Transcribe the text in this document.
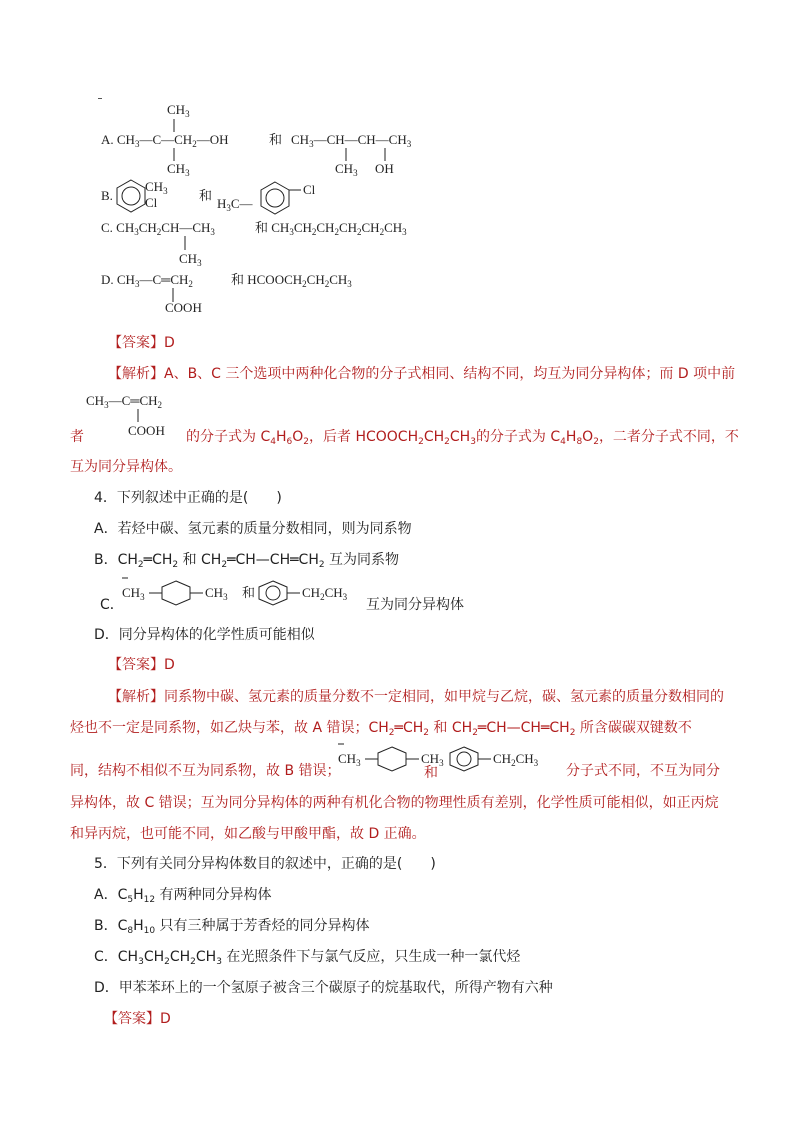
A. $CH_3—C—CH_2—OH$
$CH_3$
$CH_3$
和 $CH_3—CH—CH—CH_3$
$CH_3$ OH
B.
$CH_3$
Cl	和 $H_3C—$
Cl
C. $CH_3CH_2CH—CH_3$
$CH_3$
和 $CH_3CH_2CH_2CH_2CH_2CH_3$
D. $CH_3—C═CH_2$
COOH
和 $HCOOCH_2CH_2CH_3$
【答案】D
【解析】A、B、C 三个选项中两种化合物的分子式相同、结构不同，均互为同分异构体；而 D 项中前
$CH_3—C═CH_2$
COOH
者	的分子式为 $C_4H_6O_2$，后者 $HCOOCH_2CH_2CH_3$的分子式为 $C_4H_8O_2$，二者分子式不同，不
互为同分异构体。
4．下列叙述中正确的是(　　)
A．若烃中碳、氢元素的质量分数相同，则为同系物
B．$CH_2═CH_2$ 和 $CH_2═CH—CH═CH_2$ 互为同系物
C．
$CH_3$	$CH_3$ 和	$CH_2CH_3$ 互为同分异构体
D．同分异构体的化学性质可能相似
【答案】D
【解析】同系物中碳、氢元素的质量分数不一定相同，如甲烷与乙烷，碳、氢元素的质量分数相同的
烃也不一定是同系物，如乙炔与苯，故 A 错误；$CH_2═CH_2$ 和 $CH_2═CH—CH═CH_2$ 所含碳碳双键数不
同，结构不相似不互为同系物，故 B 错误；
$CH_3$	$CH_3$	$CH_2CH_3$
和	分子式不同，不互为同分
异构体，故 C 错误；互为同分异构体的两种有机化合物的物理性质有差别，化学性质可能相似，如正丙烷
和异丙烷，也可能不同，如乙酸与甲酸甲酯，故 D 正确。
5．下列有关同分异构体数目的叙述中，正确的是(　　)
A．$C_5H_{12}$ 有两种同分异构体
B．$C_8H_{10}$ 只有三种属于芳香烃的同分异构体
C．$CH_3CH_2CH_2CH_3$ 在光照条件下与氯气反应，只生成一种一氯代烃
D．甲苯苯环上的一个氢原子被含三个碳原子的烷基取代，所得产物有六种
【答案】D
